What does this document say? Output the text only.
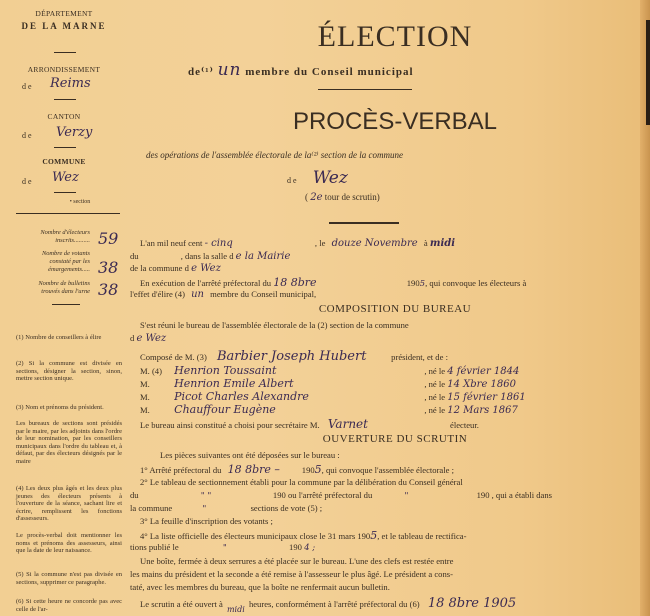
DÉPARTEMENT
DE LA MARNE
ARRONDISSEMENT
d e Reims
CANTON
d e Verzy
COMMUNE
d e Wez
• section
Nombre d'électeurs inscrits.......... 59
Nombre de votants constaté par les émargements..... 38
Nombre de bulletins trouvés dans l'urne 38
(1) Nombre de conseillers à élire
(2) Si la commune est divisée en sections, désigner la section, sinon, mettre section unique.
(3) Nom et prénoms du président.
Les bureaux de sections sont présidés par le maire, par les adjoints dans l'ordre de leur nomination, par les conseillers municipaux dans l'ordre du tableau et, à défaut, par des électeurs désignés par le maire
(4) Les deux plus âgés et les deux plus jeunes des électeurs présents à l'ouverture de la séance, sachant lire et écrire, remplissent les fonctions d'assesseurs.
Le procès-verbal doit mentionner les noms et prénoms des assesseurs, ainsi que la date de leur naissance.
(5) Si la commune n'est pas divisée en sections, supprimer ce paragraphe.
(6) Si cette heure ne concorde pas avec celle de l'ar-
ÉLECTION
de⁽¹⁾ un membre du Conseil municipal
PROCÈS-VERBAL
des opérations de l'assemblée électorale de la⁽²⁾ section de la commune
d e Wez
( 2e tour de scrutin)
L'an mil neuf cent - cinq	, le douze Novembre à midi
du	, dans la salle d e la Mairie
de la commune d e Wez
En exécution de l'arrêté préfectoral du 18 8bre	1905, qui convoque les électeurs à
l'effet d'élire (4) un membre du Conseil municipal,
COMPOSITION DU BUREAU
S'est réuni le bureau de l'assemblée électorale de la (2) section de la commune
d e Wez
Composé de M. (3) Barbier Joseph Hubert	président, et de :
M. (4) Henrion Toussaint	, né le 4 février 1844
M. Henrion Emile Albert	, né le 14 Xbre 1860
M. Picot Charles Alexandre	, né le 15 février 1861
M. Chauffour Eugène	, né le 12 Mars 1867
Le bureau ainsi constitué a choisi pour secrétaire M. Varnet	électeur.
OUVERTURE DU SCRUTIN
Les pièces suivantes ont été déposées sur le bureau :
1° Arrêté préfectoral du 18 8bre –	1905, qui convoque l'assemblée électorale ;
2° Le tableau de sectionnement établi pour la commune par la délibération du Conseil général
du	" "	190 ou l'arrêté préfectoral du	"	190 , qui a établi dans
la commune	"	sections de vote (5) ;
3° La feuille d'inscription des votants ;
4° La liste officielle des électeurs municipaux close le 31 mars 1905, et le tableau de rectifica-
tions publié le	"	190 4 ;
Une boîte, fermée à deux serrures a été placée sur le bureau. L'une des clefs est restée entre
les mains du président et la seconde a été remise à l'assesseur le plus âgé. Le président a cons-
taté, avec les membres du bureau, que la boîte ne renfermait aucun bulletin.
Le scrutin a été ouvert à midi heures, conformément à l'arrêté préfectoral du (6) 18 8bre 1905
